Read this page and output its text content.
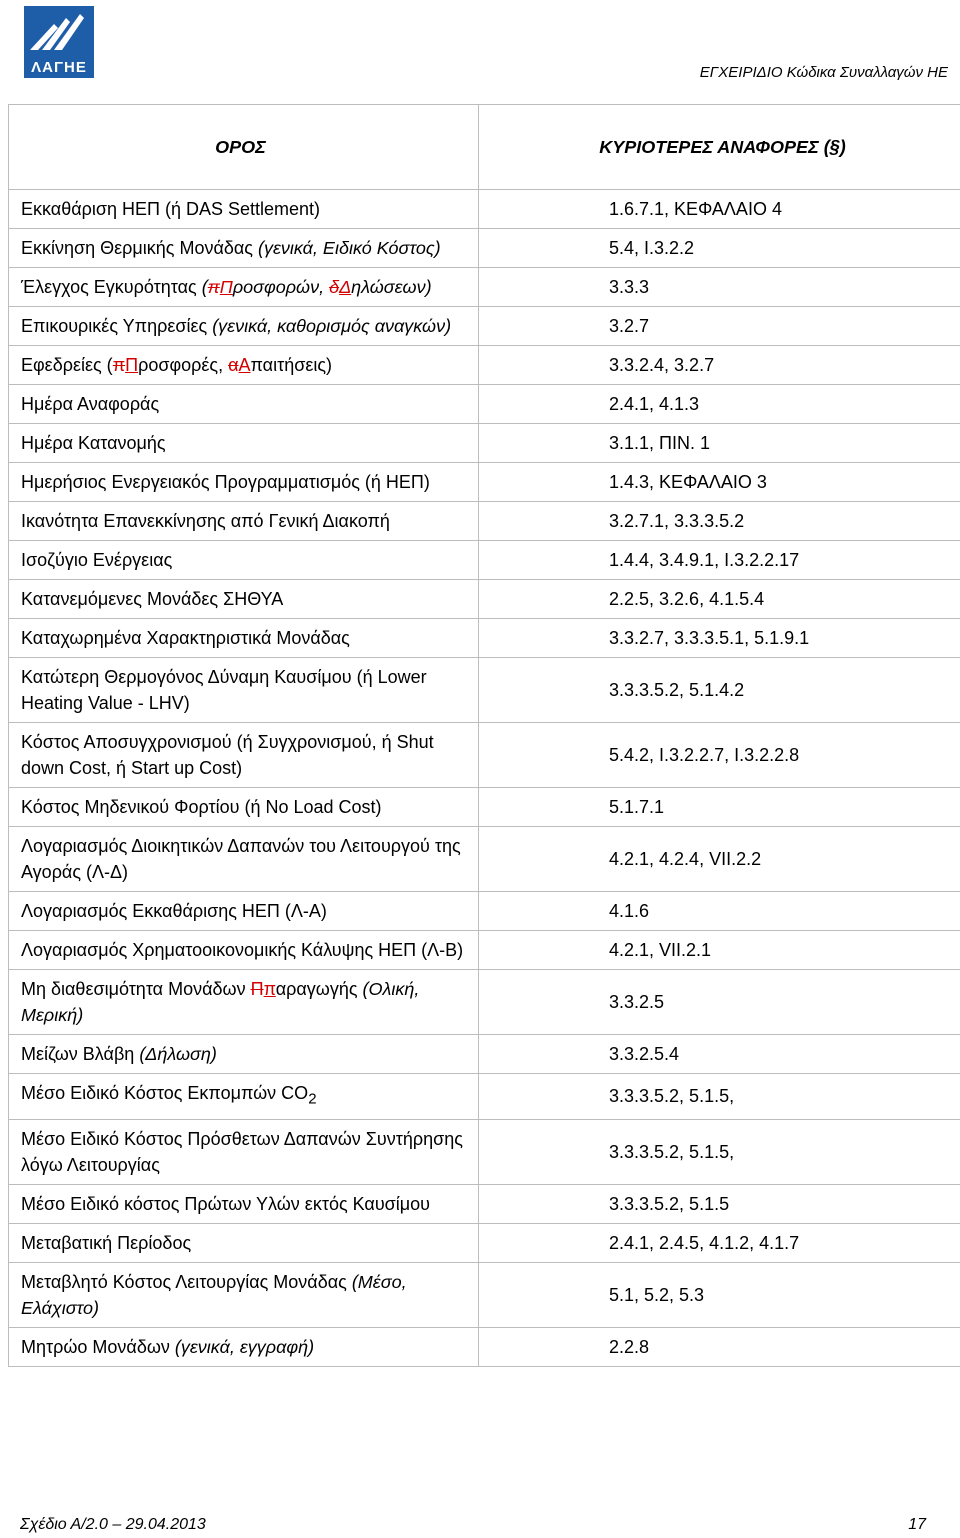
ΛΑΓΗΕ	ΕΓΧΕΙΡΙΔΙΟ Κώδικα Συναλλαγών ΗΕ
ΟΡΟΣ	ΚΥΡΙΟΤΕΡΕΣ ΑΝΑΦΟΡΕΣ (§)
Εκκαθάριση ΗΕΠ (ή DAS Settlement)	1.6.7.1, ΚΕΦΑΛΑΙΟ 4
Εκκίνηση Θερμικής Μονάδας (γενικά, Ειδικό Κόστος)	5.4, I.3.2.2

Έλεγχος Εγκυρότητας (πΠροσφορών, δΔηλώσεων)	3.3.3
Επικουρικές Υπηρεσίες (γενικά, καθορισμός αναγκών)	3.2.7

Εφεδρείες (πΠροσφορές, αΑπαιτήσεις)	3.3.2.4, 3.2.7
Ημέρα Αναφοράς	2.4.1, 4.1.3
Ημέρα Κατανομής	3.1.1, ΠΙΝ. 1
Ημερήσιος Ενεργειακός Προγραμματισμός (ή ΗΕΠ)	1.4.3, ΚΕΦΑΛΑΙΟ 3
Ικανότητα Επανεκκίνησης από Γενική Διακοπή	3.2.7.1, 3.3.3.5.2
Ισοζύγιο Ενέργειας	1.4.4, 3.4.9.1, I.3.2.2.17
Κατανεμόμενες Μονάδες ΣΗΘΥΑ	2.2.5, 3.2.6, 4.1.5.4
Καταχωρημένα Χαρακτηριστικά Μονάδας	3.3.2.7, 3.3.3.5.1, 5.1.9.1
Κατώτερη Θερμογόνος Δύναμη Καυσίμου (ή Lower Heating Value - LHV)	3.3.3.5.2, 5.1.4.2
Κόστος Αποσυγχρονισμού (ή Συγχρονισμού, ή Shut down Cost, ή Start up Cost)	5.4.2, I.3.2.2.7, I.3.2.2.8
Κόστος Μηδενικού Φορτίου (ή No Load Cost)	5.1.7.1
Λογαριασμός Διοικητικών Δαπανών του Λειτουργού της Αγοράς (Λ-Δ)	4.2.1, 4.2.4, VII.2.2
Λογαριασμός Εκκαθάρισης ΗΕΠ (Λ-Α)	4.1.6
Λογαριασμός Χρηματοοικονομικής Κάλυψης ΗΕΠ (Λ-Β)	4.2.1, VII.2.1

Μη διαθεσιμότητα Μονάδων Ππαραγωγής (Ολική, Μερική)	3.3.2.5
Μείζων Βλάβη (Δήλωση)	3.3.2.5.4
Μέσο Ειδικό Κόστος Εκπομπών $CO_2$	3.3.3.5.2, 5.1.5,
Μέσο Ειδικό Κόστος Πρόσθετων Δαπανών Συντήρησης λόγω Λειτουργίας	3.3.3.5.2, 5.1.5,
Μέσο Ειδικό κόστος Πρώτων Υλών εκτός Καυσίμου	3.3.3.5.2, 5.1.5
Μεταβατική Περίοδος	2.4.1, 2.4.5, 4.1.2, 4.1.7
Μεταβλητό Κόστος Λειτουργίας Μονάδας (Μέσο, Ελάχιστο)	5.1, 5.2, 5.3
Μητρώο Μονάδων (γενικά, εγγραφή)	2.2.8
Σχέδιο Α/2.0 – 29.04.2013	17
